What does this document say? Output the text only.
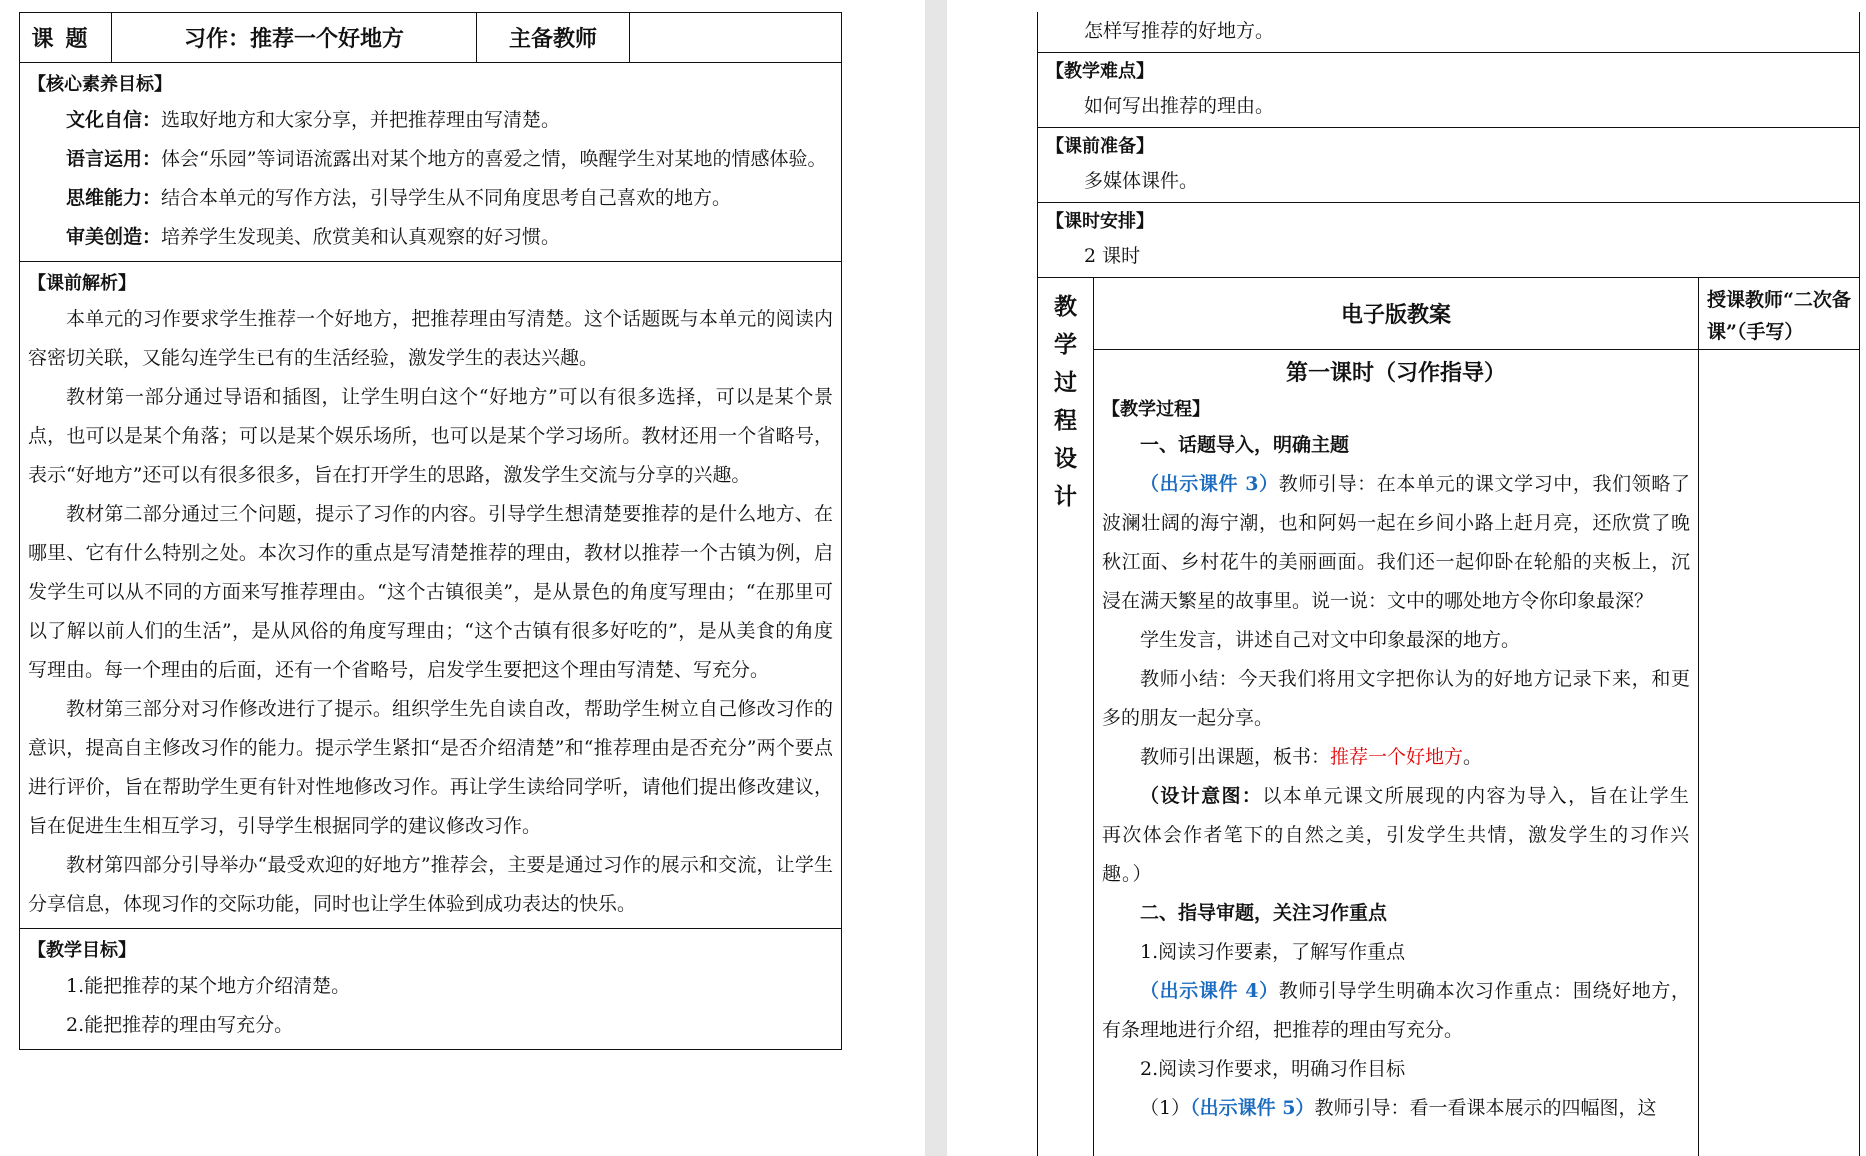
课题	习作：推荐一个好地方	主备教师
【核心素养目标】
文化自信：选取好地方和大家分享，并把推荐理由写清楚。
语言运用：体会“乐园”等词语流露出对某个地方的喜爱之情，唤醒学生对某地的情感体验。
思维能力：结合本单元的写作方法，引导学生从不同角度思考自己喜欢的地方。
审美创造：培养学生发现美、欣赏美和认真观察的好习惯。
【课前解析】
本单元的习作要求学生推荐一个好地方，把推荐理由写清楚。这个话题既与本单元的阅读内容密切关联，又能勾连学生已有的生活经验，激发学生的表达兴趣。
教材第一部分通过导语和插图，让学生明白这个“好地方”可以有很多选择，可以是某个景点，也可以是某个角落；可以是某个娱乐场所，也可以是某个学习场所。教材还用一个省略号，表示“好地方”还可以有很多很多，旨在打开学生的思路，激发学生交流与分享的兴趣。
教材第二部分通过三个问题，提示了习作的内容。引导学生想清楚要推荐的是什么地方、在哪里、它有什么特别之处。本次习作的重点是写清楚推荐的理由，教材以推荐一个古镇为例，启发学生可以从不同的方面来写推荐理由。“这个古镇很美”，是从景色的角度写理由；“在那里可以了解以前人们的生活”，是从风俗的角度写理由；“这个古镇有很多好吃的”，是从美食的角度写理由。每一个理由的后面，还有一个省略号，启发学生要把这个理由写清楚、写充分。
教材第三部分对习作修改进行了提示。组织学生先自读自改，帮助学生树立自己修改习作的意识，提高自主修改习作的能力。提示学生紧扣“是否介绍清楚”和“推荐理由是否充分”两个要点进行评价，旨在帮助学生更有针对性地修改习作。再让学生读给同学听，请他们提出修改建议，旨在促进生生相互学习，引导学生根据同学的建议修改习作。
教材第四部分引导举办“最受欢迎的好地方”推荐会，主要是通过习作的展示和交流，让学生分享信息，体现习作的交际功能，同时也让学生体验到成功表达的快乐。
【教学目标】
1.能把推荐的某个地方介绍清楚。
2.能把推荐的理由写充分。
怎样写推荐的好地方。
【教学难点】
如何写出推荐的理由。
【课前准备】
多媒体课件。
【课时安排】
2 课时
教
学
过
程
设
计
电子版教案
第一课时（习作指导）
【教学过程】
一、话题导入，明确主题
（出示课件 3）教师引导：在本单元的课文学习中，我们领略了波澜壮阔的海宁潮，也和阿妈一起在乡间小路上赶月亮，还欣赏了晚秋江面、乡村花牛的美丽画面。我们还一起仰卧在轮船的夹板上，沉浸在满天繁星的故事里。说一说：文中的哪处地方令你印象最深？
学生发言，讲述自己对文中印象最深的地方。
教师小结：今天我们将用文字把你认为的好地方记录下来，和更多的朋友一起分享。
教师引出课题，板书：推荐一个好地方。
（设计意图：以本单元课文所展现的内容为导入，旨在让学生再次体会作者笔下的自然之美，引发学生共情，激发学生的习作兴趣。）
二、指导审题，关注习作重点
1.阅读习作要素，了解写作重点
（出示课件 4）教师引导学生明确本次习作重点：围绕好地方，有条理地进行介绍，把推荐的理由写充分。
2.阅读习作要求，明确习作目标
（1）（出示课件 5）教师引导：看一看课本展示的四幅图，这
授课教师“二次备课”（手写）
